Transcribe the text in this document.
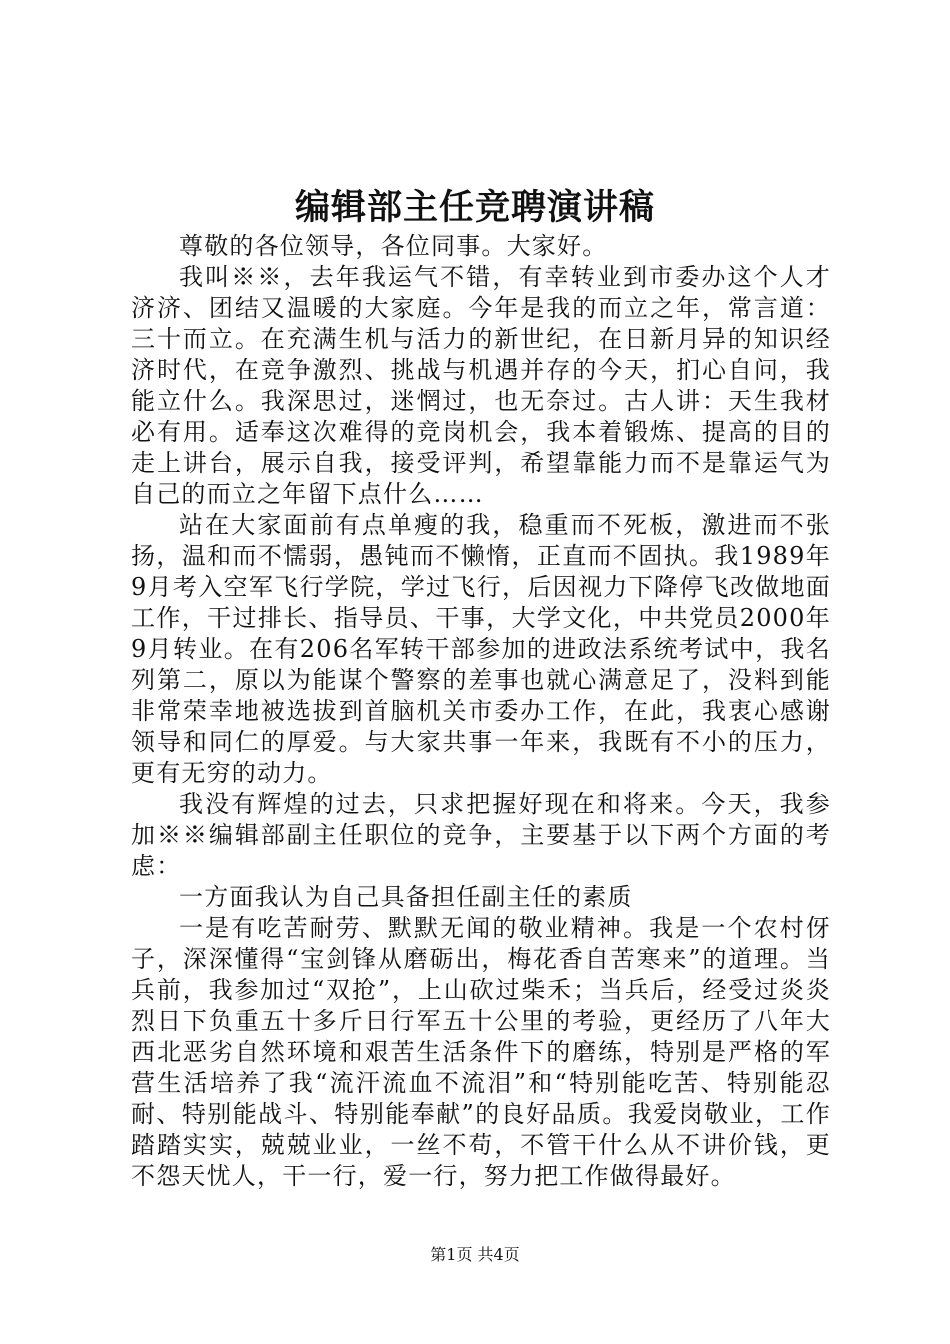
编辑部主任竞聘演讲稿

尊敬的各位领导，各位同事。大家好。

我叫※※，去年我运气不错，有幸转业到市委办这个人才济济、团结又温暖的大家庭。今年是我的而立之年，常言道：三十而立。在充满生机与活力的新世纪，在日新月异的知识经济时代，在竞争激烈、挑战与机遇并存的今天，扪心自问，我能立什么。我深思过，迷惘过，也无奈过。古人讲：天生我材必有用。适奉这次难得的竞岗机会，我本着锻炼、提高的目的走上讲台，展示自我，接受评判，希望靠能力而不是靠运气为自己的而立之年留下点什么……

站在大家面前有点单瘦的我，稳重而不死板，激进而不张扬，温和而不懦弱，愚钝而不懒惰，正直而不固执。我1989年9月考入空军飞行学院，学过飞行，后因视力下降停飞改做地面工作，干过排长、指导员、干事，大学文化，中共党员2000年9月转业。在有206名军转干部参加的进政法系统考试中，我名列第二，原以为能谋个警察的差事也就心满意足了，没料到能非常荣幸地被选拔到首脑机关市委办工作，在此，我衷心感谢领导和同仁的厚爱。与大家共事一年来，我既有不小的压力，更有无穷的动力。

我没有辉煌的过去，只求把握好现在和将来。今天，我参加※※编辑部副主任职位的竞争，主要基于以下两个方面的考虑：

一方面我认为自己具备担任副主任的素质

一是有吃苦耐劳、默默无闻的敬业精神。我是一个农村伢子，深深懂得“宝剑锋从磨砺出，梅花香自苦寒来”的道理。当兵前，我参加过“双抢”，上山砍过柴禾；当兵后，经受过炎炎烈日下负重五十多斤日行军五十公里的考验，更经历了八年大西北恶劣自然环境和艰苦生活条件下的磨练，特别是严格的军营生活培养了我“流汗流血不流泪”和“特别能吃苦、特别能忍耐、特别能战斗、特别能奉献”的良好品质。我爱岗敬业，工作踏踏实实，兢兢业业，一丝不苟，不管干什么从不讲价钱，更不怨天忧人，干一行，爱一行，努力把工作做得最好。

第1页 共4页
